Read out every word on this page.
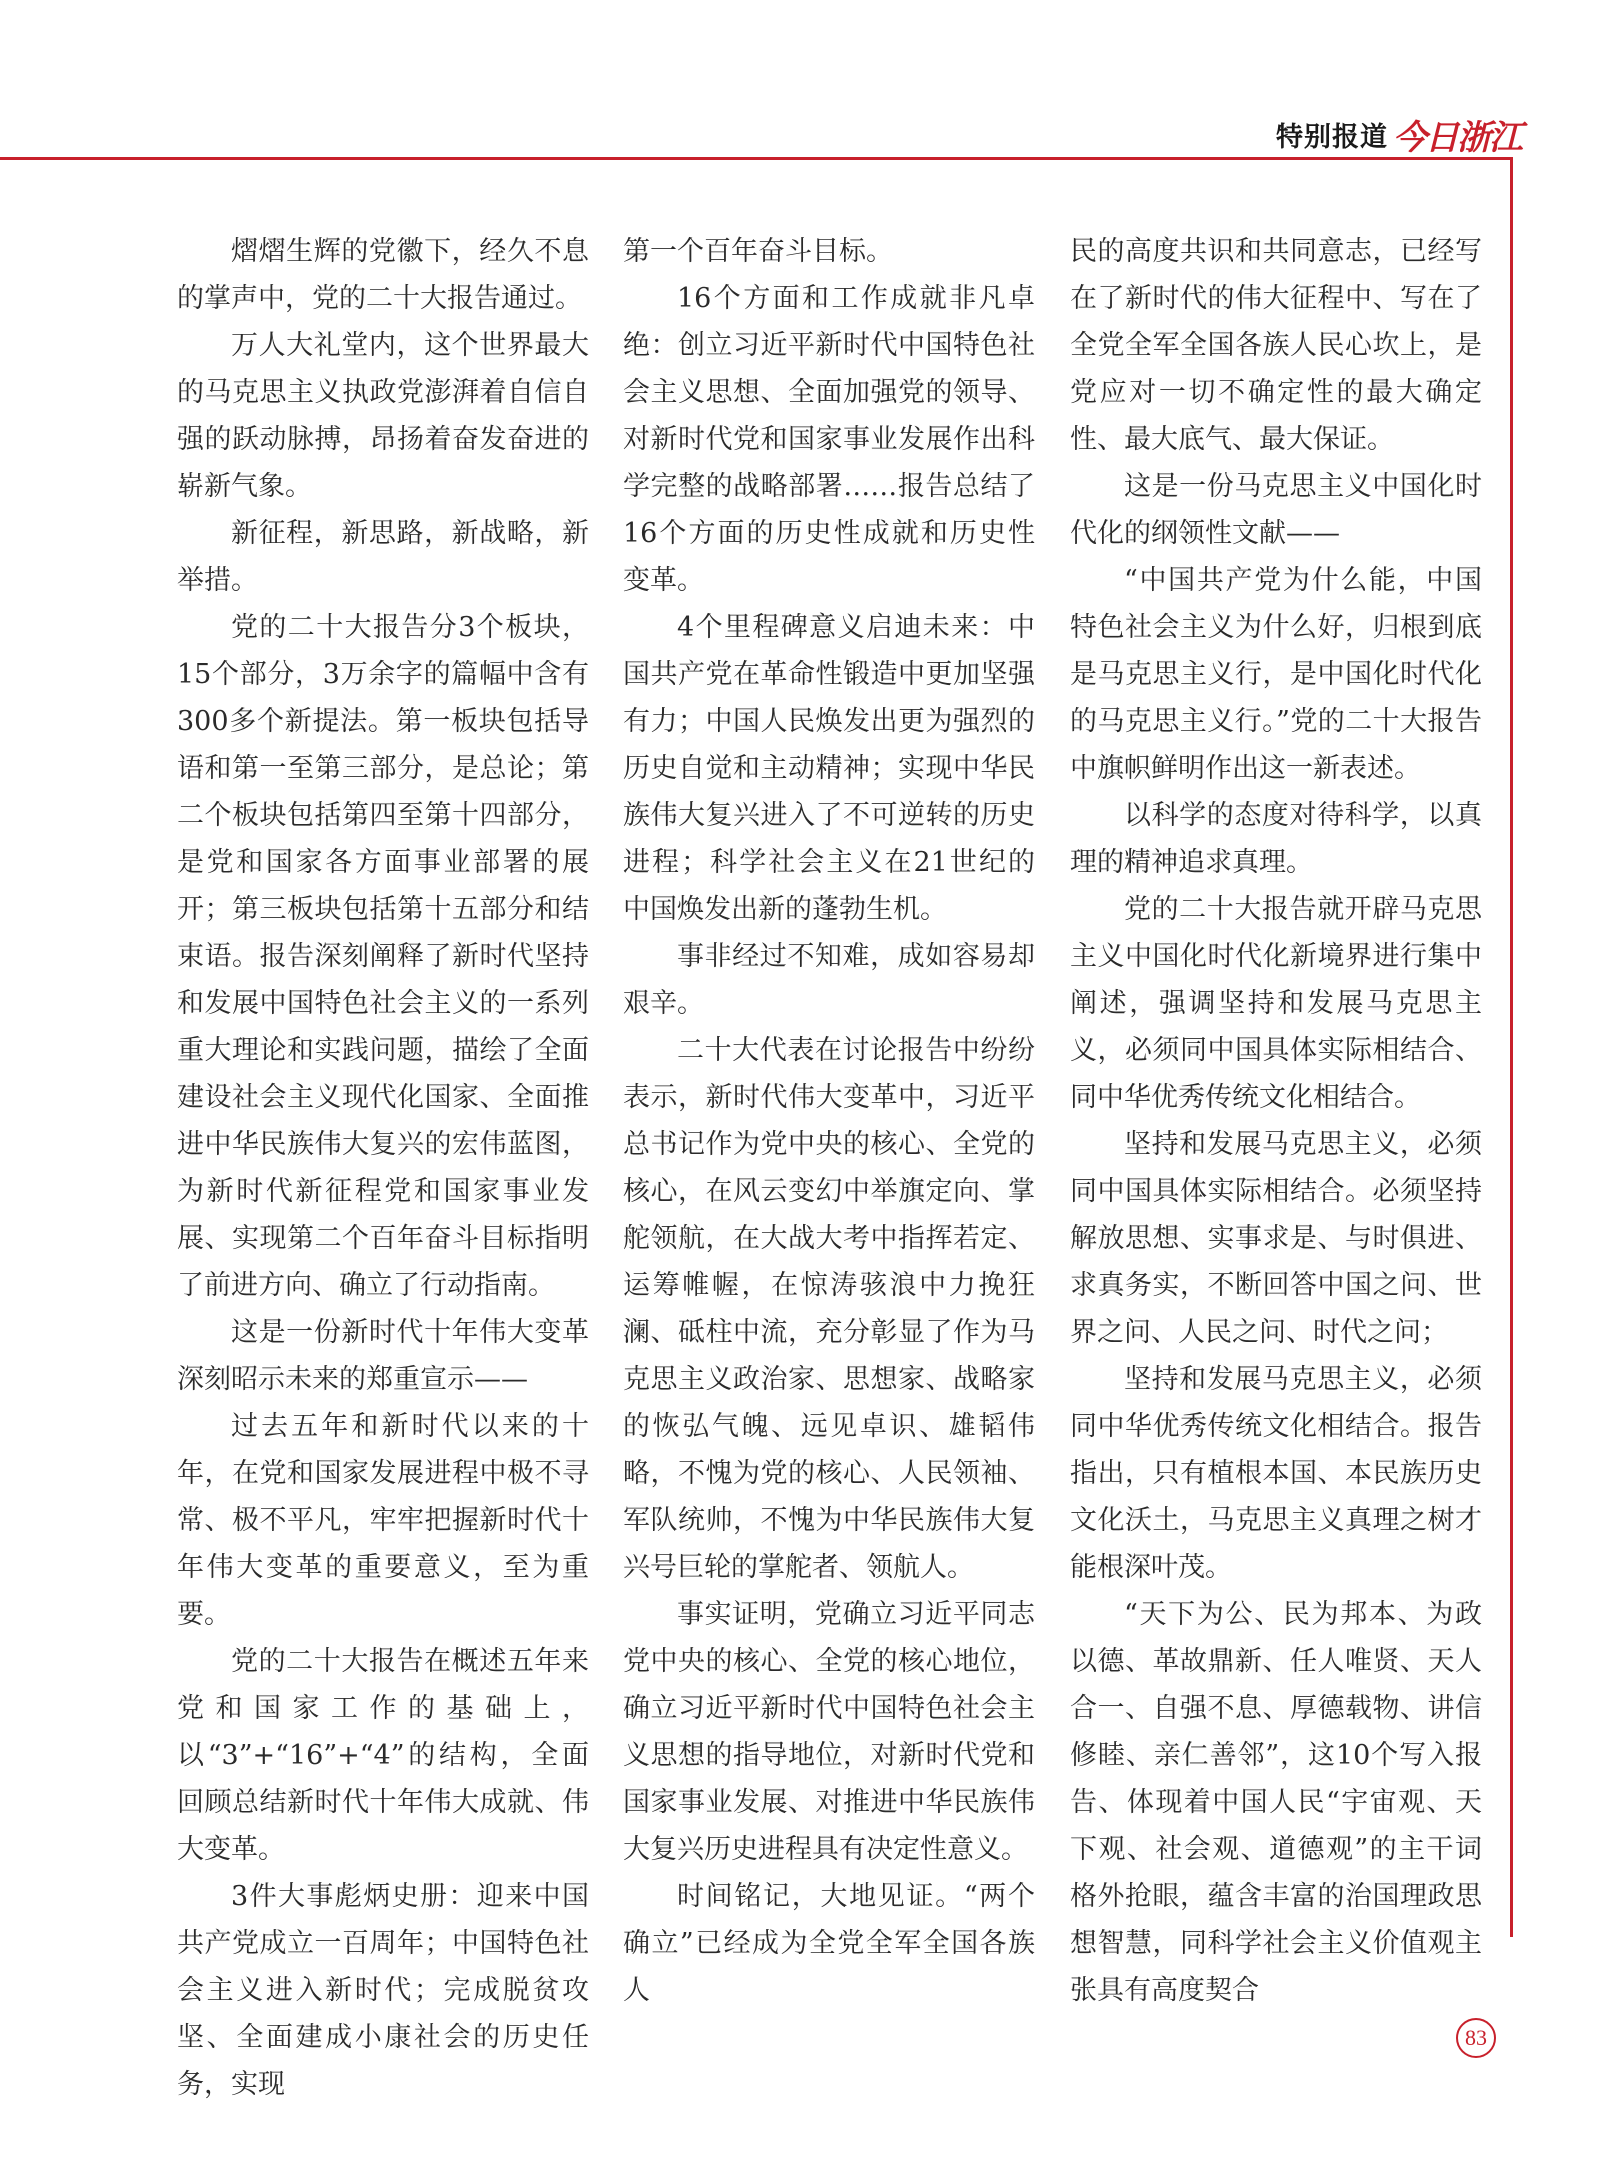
特别报道 今日浙江

熠熠生辉的党徽下，经久不息的掌声中，党的二十大报告通过。

万人大礼堂内，这个世界最大的马克思主义执政党澎湃着自信自强的跃动脉搏，昂扬着奋发奋进的崭新气象。

新征程，新思路，新战略，新举措。

党的二十大报告分3个板块，15个部分，3万余字的篇幅中含有300多个新提法。第一板块包括导语和第一至第三部分，是总论；第二个板块包括第四至第十四部分，是党和国家各方面事业部署的展开；第三板块包括第十五部分和结束语。报告深刻阐释了新时代坚持和发展中国特色社会主义的一系列重大理论和实践问题，描绘了全面建设社会主义现代化国家、全面推进中华民族伟大复兴的宏伟蓝图，为新时代新征程党和国家事业发展、实现第二个百年奋斗目标指明了前进方向、确立了行动指南。

这是一份新时代十年伟大变革深刻昭示未来的郑重宣示——

过去五年和新时代以来的十年，在党和国家发展进程中极不寻常、极不平凡，牢牢把握新时代十年伟大变革的重要意义，至为重要。

党的二十大报告在概述五年来党和国家工作的基础上，以“3”+“16”+“4”的结构，全面回顾总结新时代十年伟大成就、伟大变革。

3件大事彪炳史册：迎来中国共产党成立一百周年；中国特色社会主义进入新时代；完成脱贫攻坚、全面建成小康社会的历史任务，实现

第一个百年奋斗目标。

16个方面和工作成就非凡卓绝：创立习近平新时代中国特色社会主义思想、全面加强党的领导、对新时代党和国家事业发展作出科学完整的战略部署……报告总结了16个方面的历史性成就和历史性变革。

4个里程碑意义启迪未来：中国共产党在革命性锻造中更加坚强有力；中国人民焕发出更为强烈的历史自觉和主动精神；实现中华民族伟大复兴进入了不可逆转的历史进程；科学社会主义在21世纪的中国焕发出新的蓬勃生机。

事非经过不知难，成如容易却艰辛。

二十大代表在讨论报告中纷纷表示，新时代伟大变革中，习近平总书记作为党中央的核心、全党的核心，在风云变幻中举旗定向、掌舵领航，在大战大考中指挥若定、运筹帷幄，在惊涛骇浪中力挽狂澜、砥柱中流，充分彰显了作为马克思主义政治家、思想家、战略家的恢弘气魄、远见卓识、雄韬伟略，不愧为党的核心、人民领袖、军队统帅，不愧为中华民族伟大复兴号巨轮的掌舵者、领航人。

事实证明，党确立习近平同志党中央的核心、全党的核心地位，确立习近平新时代中国特色社会主义思想的指导地位，对新时代党和国家事业发展、对推进中华民族伟大复兴历史进程具有决定性意义。

时间铭记，大地见证。“两个确立”已经成为全党全军全国各族人

民的高度共识和共同意志，已经写在了新时代的伟大征程中、写在了全党全军全国各族人民心坎上，是党应对一切不确定性的最大确定性、最大底气、最大保证。

这是一份马克思主义中国化时代化的纲领性文献——

“中国共产党为什么能，中国特色社会主义为什么好，归根到底是马克思主义行，是中国化时代化的马克思主义行。”党的二十大报告中旗帜鲜明作出这一新表述。

以科学的态度对待科学，以真理的精神追求真理。

党的二十大报告就开辟马克思主义中国化时代化新境界进行集中阐述，强调坚持和发展马克思主义，必须同中国具体实际相结合、同中华优秀传统文化相结合。

坚持和发展马克思主义，必须同中国具体实际相结合。必须坚持解放思想、实事求是、与时俱进、求真务实，不断回答中国之问、世界之问、人民之问、时代之问；

坚持和发展马克思主义，必须同中华优秀传统文化相结合。报告指出，只有植根本国、本民族历史文化沃土，马克思主义真理之树才能根深叶茂。

“天下为公、民为邦本、为政以德、革故鼎新、任人唯贤、天人合一、自强不息、厚德载物、讲信修睦、亲仁善邻”，这10个写入报告、体现着中国人民“宇宙观、天下观、社会观、道德观”的主干词格外抢眼，蕴含丰富的治国理政思想智慧，同科学社会主义价值观主张具有高度契合

83
